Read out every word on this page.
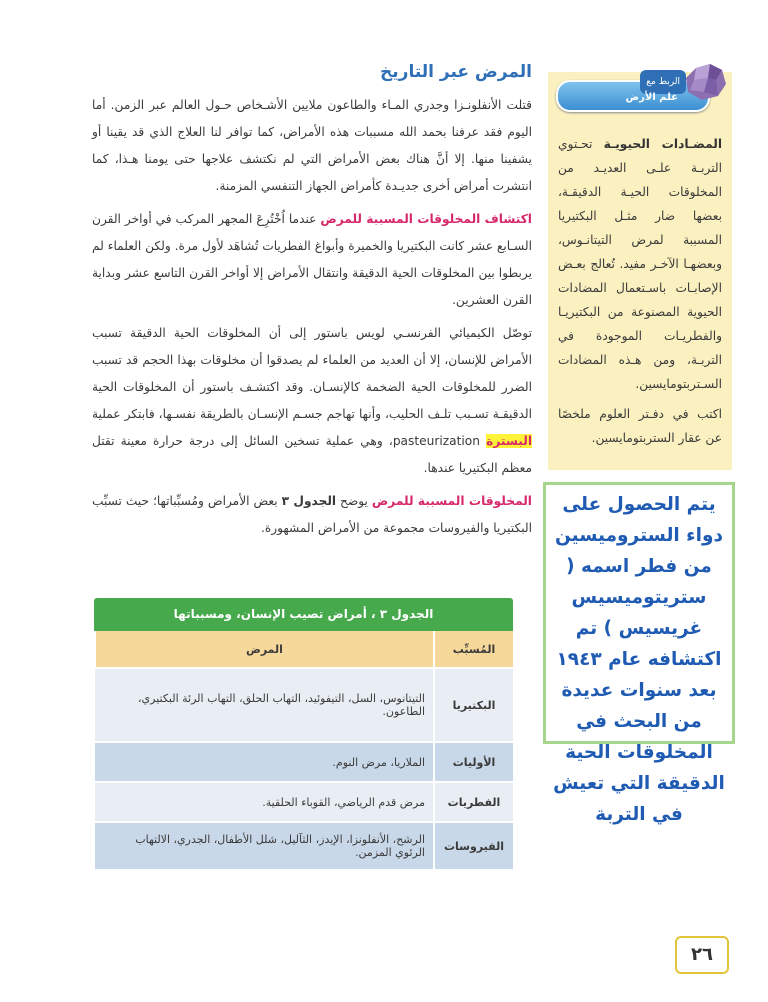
المرض عبر التاريخ

قتلت الأنفلونـزا وجدري المـاء والطاعون ملايين الأشـخاص حـول العالم عبر الزمن. أما اليوم فقد عرفنا بحمد الله مسببات هذه الأمراض، كما توافر لنا العلاج الذي قد يقينا أو يشفينا منها. إلا أنَّ هناك بعض الأمراض التي لم نكتشف علاجها حتى يومنا هـذا، كما انتشرت أمراض أخرى جديـدة كأمراض الجهاز التنفسي المزمنة.

اكتشاف المخلوقات المسببة للمرض عندما اُخْتُرِعَ المجهر المركب في أواخر القرن السـابع عشر كانت البكتيريا والخميرة وأبواغ الفطريات تُشاهَد لأول مرة. ولكن العلماء لم يربطوا بين المخلوقات الحية الدقيقة وانتقال الأمراض إلا أواخر القرن التاسع عشر وبداية القرن العشرين.

توصّل الكيميائي الفرنسـي لويس باستور إلى أن المخلوقات الحية الدقيقة تسبب الأمراض للإنسان، إلا أن العديد من العلماء لم يصدقوا أن مخلوقات بهذا الحجم قد تسبب الضرر للمخلوقات الحية الضخمة كالإنسـان. وقد اكتشـف باستور أن المخلوقات الحية الدقيقـة تسـبب تلـف الحليب، وأنها تهاجم جسـم الإنسـان بالطريقة نفسـها، فابتكر عملية البسترة pasteurization، وهي عملية تسخين السائل إلى درجة حرارة معينة تقتل معظم البكتيريا عندها.

المخلوقات المسببة للمرض يوضح الجدول ٣ بعض الأمراض ومُسبِّباتها؛ حيث تسبِّب البكتيريا والفيروسات مجموعة من الأمراض المشهورة.

الجدول ٣ ، أمراض تصيب الإنسان، ومسبباتها
المُسبِّب	المرض
البكتيريا	التيتانوس، السل، التيفوئيد، التهاب الحلق، التهاب الرئة البكتيري، الطاعون.
الأوليات	الملاريا، مرض النوم.
الفطريات	مرض قدم الرياضي، القوباء الحلقية.
الفيروسات	الرشح، الأنفلونزا، الإيدز، الثآليل، شلل الأطفال، الجدري، الالتهاب الرئوي المزمن.
الربط مع
علم الأرض
المضـادات الحيويـة تحـتوي التربـة علـى العديـد من المخلوقات الحيـة الدقيقـة، بعضها ضار مثـل البكتيريا المسببة لمرض التيتانـوس، وبعضهـا الآخـر مفيد. تُعالج بعـض الإصابـات باسـتعمال المضادات الحيوية المصنوعة من البكتيريـا والفطريـات الموجودة في التربـة، ومن هـذه المضادات السـتربتومايسين.
اكتب في دفـتر العلوم ملخصًا عن عقار الستربتومايسين.
يتم الحصول على دواء الستروميسين من فطر اسمه ( ستريتوميسيس غريسيس ) تم اكتشافه عام ١٩٤٣ بعد سنوات عديدة من البحث في المخلوقات الحية الدقيقة التي تعيش في التربة
٢٦
